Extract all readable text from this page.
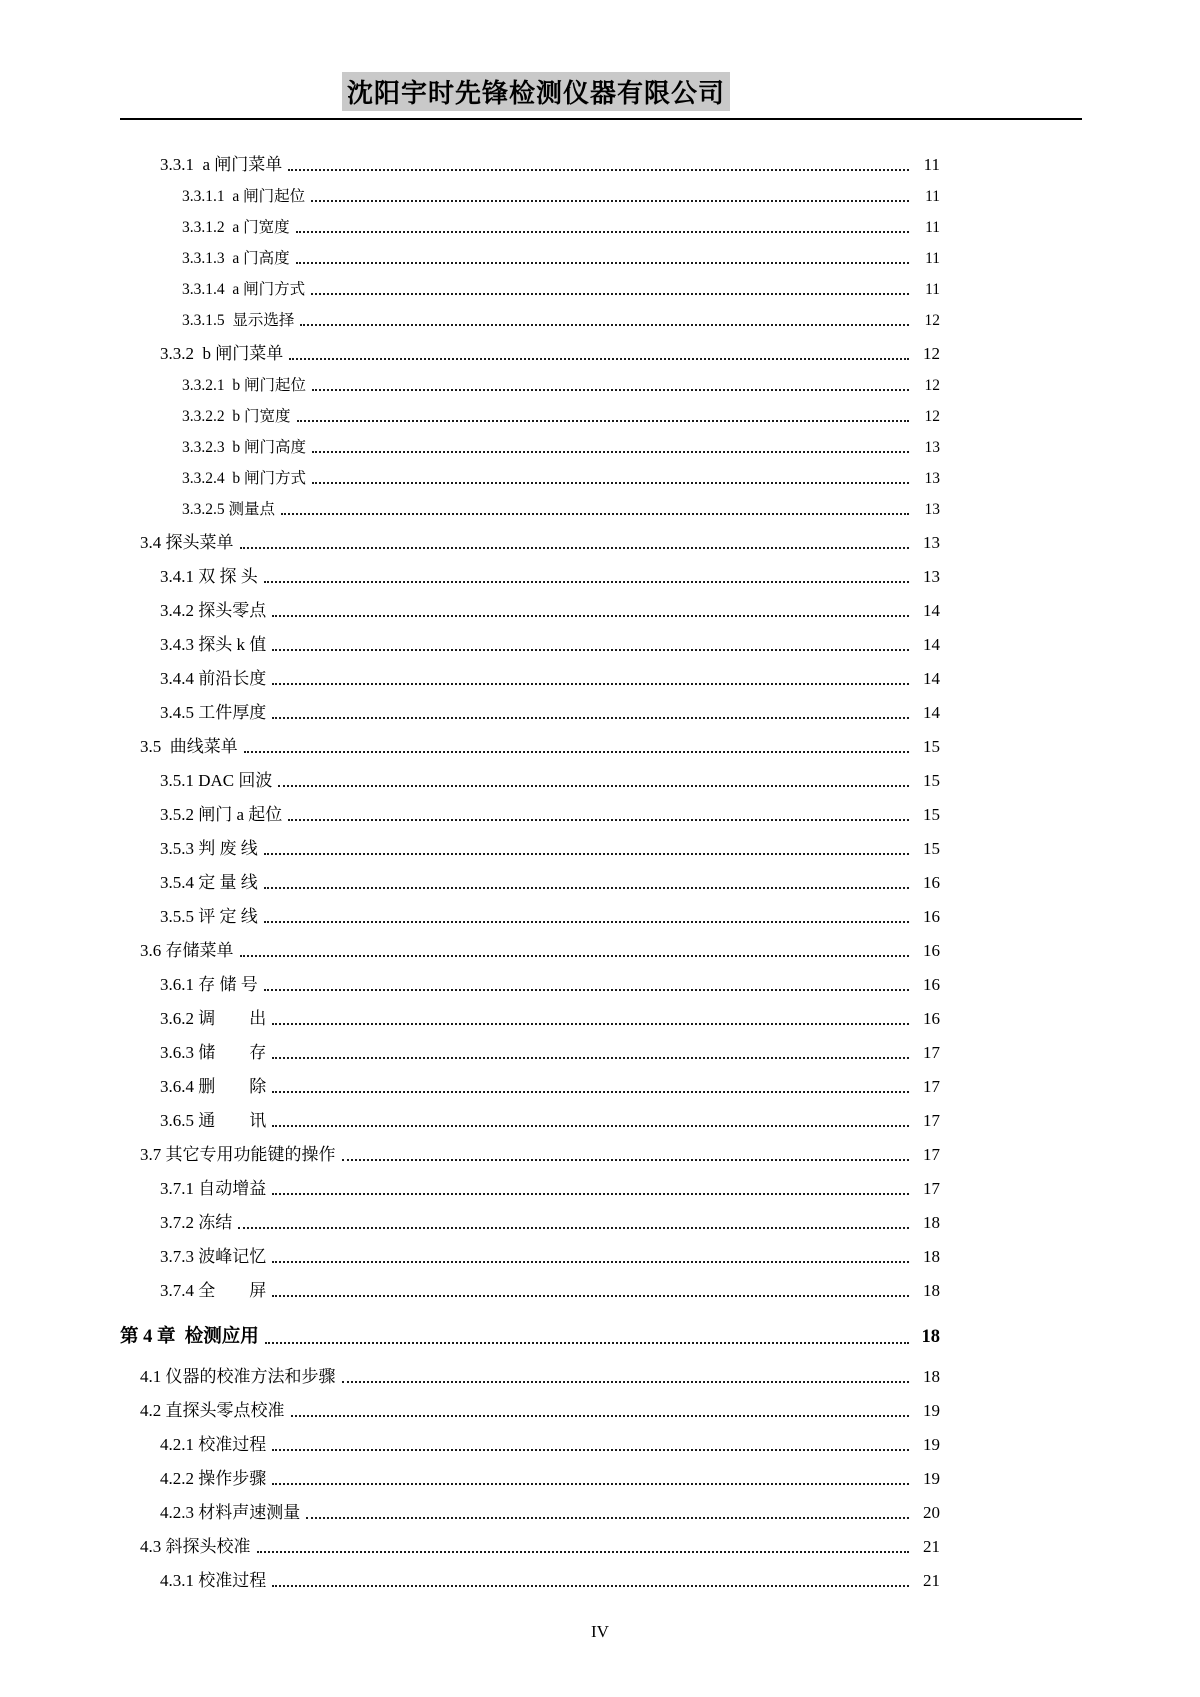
沈阳宇时先锋检测仪器有限公司
3.3.1  a 闸门菜单	11
3.3.1.1  a 闸门起位	11
3.3.1.2  a 门宽度	11
3.3.1.3  a 门高度	11
3.3.1.4  a 闸门方式	11
3.3.1.5  显示选择	12
3.3.2  b 闸门菜单	12
3.3.2.1  b 闸门起位	12
3.3.2.2  b 门宽度	12
3.3.2.3  b 闸门高度	13
3.3.2.4  b 闸门方式	13
3.3.2.5 测量点	13
3.4 探头菜单	13
3.4.1 双 探 头	13
3.4.2 探头零点	14
3.4.3 探头 k 值	14
3.4.4 前沿长度	14
3.4.5 工件厚度	14
3.5  曲线菜单	15
3.5.1 DAC 回波	15
3.5.2 闸门 a 起位	15
3.5.3 判 废 线	15
3.5.4 定 量 线	16
3.5.5 评 定 线	16
3.6 存储菜单	16
3.6.1 存 储 号	16
3.6.2 调　　出	16
3.6.3 储　　存	17
3.6.4 删　　除	17
3.6.5 通　　讯	17
3.7 其它专用功能键的操作	17
3.7.1 自动增益	17
3.7.2 冻结	18
3.7.3 波峰记忆	18
3.7.4 全　　屏	18
第 4 章  检测应用	18
4.1 仪器的校准方法和步骤	18
4.2 直探头零点校准	19
4.2.1 校准过程	19
4.2.2 操作步骤	19
4.2.3 材料声速测量	20
4.3 斜探头校准	21
4.3.1 校准过程	21
IV
